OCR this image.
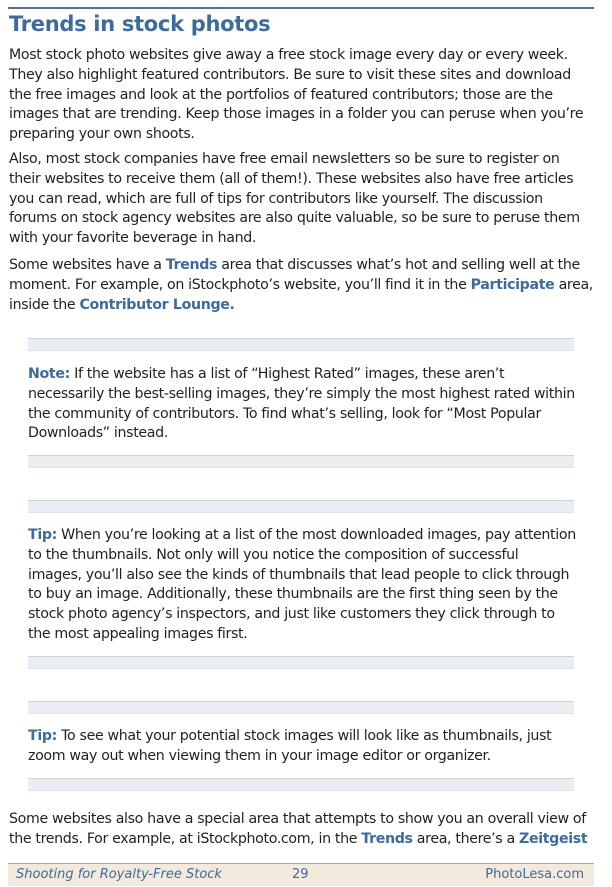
Trends in stock photos

Most stock photo websites give away a free stock image every day or every week. They also highlight featured contributors. Be sure to visit these sites and download the free images and look at the portfolios of featured contributors; those are the images that are trending. Keep those images in a folder you can peruse when you’re preparing your own shoots.

Also, most stock companies have free email newsletters so be sure to register on their websites to receive them (all of them!). These websites also have free articles you can read, which are full of tips for contributors like yourself. The discussion forums on stock agency websites are also quite valuable, so be sure to peruse them with your favorite beverage in hand.

Some websites have a Trends area that discusses what’s hot and selling well at the moment. For example, on iStockphoto’s website, you’ll find it in the Participate area, inside the Contributor Lounge.

Note: If the website has a list of “Highest Rated” images, these aren’t necessarily the best-selling images, they’re simply the most highest rated within the community of contributors. To find what’s selling, look for “Most Popular Downloads” instead.

Tip: When you’re looking at a list of the most downloaded images, pay attention to the thumbnails. Not only will you notice the composition of successful images, you’ll also see the kinds of thumbnails that lead people to click through to buy an image. Additionally, these thumbnails are the first thing seen by the stock photo agency’s inspectors, and just like customers they click through to the most appealing images first.

Tip: To see what your potential stock images will look like as thumbnails, just zoom way out when viewing them in your image editor or organizer.

Some websites also have a special area that attempts to show you an overall view of the trends. For example, at iStockphoto.com, in the Trends area, there’s a Zeitgeist

Shooting for Royalty-Free Stock	29	PhotoLesa.com
